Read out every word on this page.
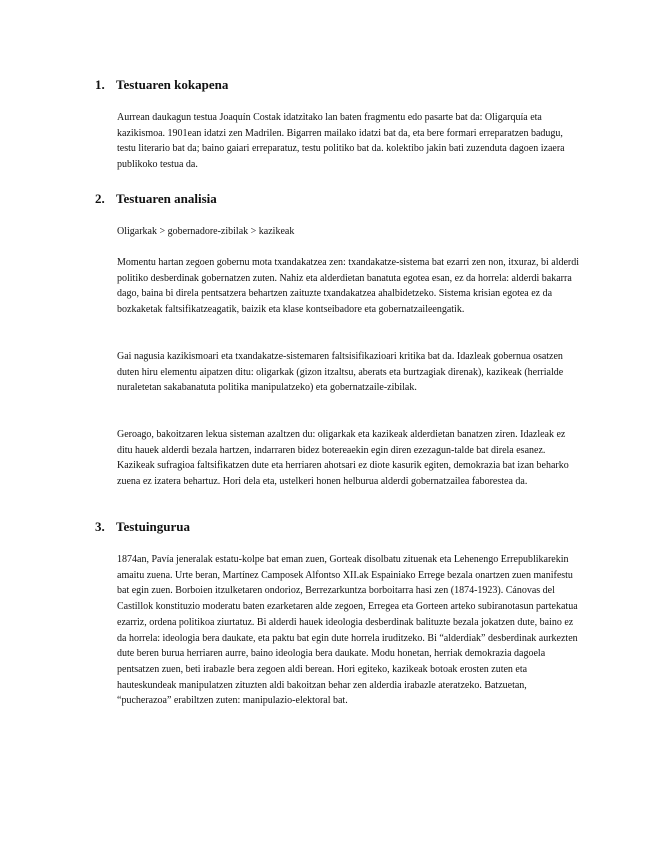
1. Testuaren kokapena

Aurrean daukagun testua Joaquín Costak idatzitako lan baten fragmentu edo pasarte bat da: Oligarquía eta kazikismoa. 1901ean idatzi zen Madrilen. Bigarren mailako idatzi bat da, eta bere formari erreparatzen badugu, testu literario bat da; baino gaiari erreparatuz, testu politiko bat da. kolektibo jakin bati zuzenduta dagoen izaera publikoko testua da.

2. Testuaren analisia

Oligarkak > gobernadore-zibilak > kazikeak

Momentu hartan zegoen gobernu mota txandakatzea zen: txandakatze-sistema bat ezarri zen non, itxuraz, bi alderdi politiko desberdinak gobernatzen zuten. Nahiz eta alderdietan banatuta egotea esan, ez da horrela: alderdi bakarra dago, baina bi direla pentsatzera behartzen zaituzte txandakatzea ahalbidetzeko. Sistema krisian egotea ez da bozkaketak faltsifikatzeagatik, baizik eta klase kontseibadore eta gobernatzaileengatik.

Gai nagusia kazikismoari eta txandakatze-sistemaren faltsisifikazioari kritika bat da. Idazleak gobernua osatzen duten hiru elementu aipatzen ditu: oligarkak (gizon itzaltsu, aberats eta burtzagiak direnak), kazikeak (herrialde nuraletetan sakabanatuta politika manipulatzeko) eta gobernatzaile-zibilak.

Geroago, bakoitzaren lekua sisteman azaltzen du: oligarkak eta kazikeak alderdietan banatzen ziren. Idazleak ez ditu hauek alderdi bezala hartzen, indarraren bidez botereaekin egin diren ezezagun-talde bat direla esanez. Kazikeak sufragioa faltsifikatzen dute eta herriaren ahotsari ez diote kasurik egiten, demokrazia bat izan beharko zuena ez izatera behartuz. Hori dela eta, ustelkeri honen helburua alderdi gobernatzailea faborestea da.

3. Testuingurua

1874an, Pavía jeneralak estatu-kolpe bat eman zuen, Gorteak disolbatu zituenak eta Lehenengo Errepublikarekin amaitu zuena. Urte beran, Martínez Camposek Alfontso XII.ak Espainiako Errege bezala onartzen zuen manifestu bat egin zuen. Borboien itzulketaren ondorioz, Berrezarkuntza borboitarra hasi zen (1874-1923). Cánovas del Castillok konstituzio moderatu baten ezarketaren alde zegoen, Erregea eta Gorteen arteko subiranotasun partekatua ezarriz, ordena politikoa ziurtatuz. Bi alderdi hauek ideologia desberdinak balituzte bezala jokatzen dute, baino ez da horrela: ideologia bera daukate, eta paktu bat egin dute horrela iruditzeko. Bi “alderdiak” desberdinak aurkezten dute beren burua herriaren aurre, baino ideologia bera daukate. Modu honetan, herriak demokrazia dagoela pentsatzen zuen, beti irabazle bera zegoen aldi berean. Hori egiteko, kazikeak botoak erosten zuten eta hauteskundeak manipulatzen zituzten aldi bakoitzan behar zen alderdia irabazle ateratzeko. Batzuetan, “pucherazoa” erabiltzen zuten: manipulazio-elektoral bat.
